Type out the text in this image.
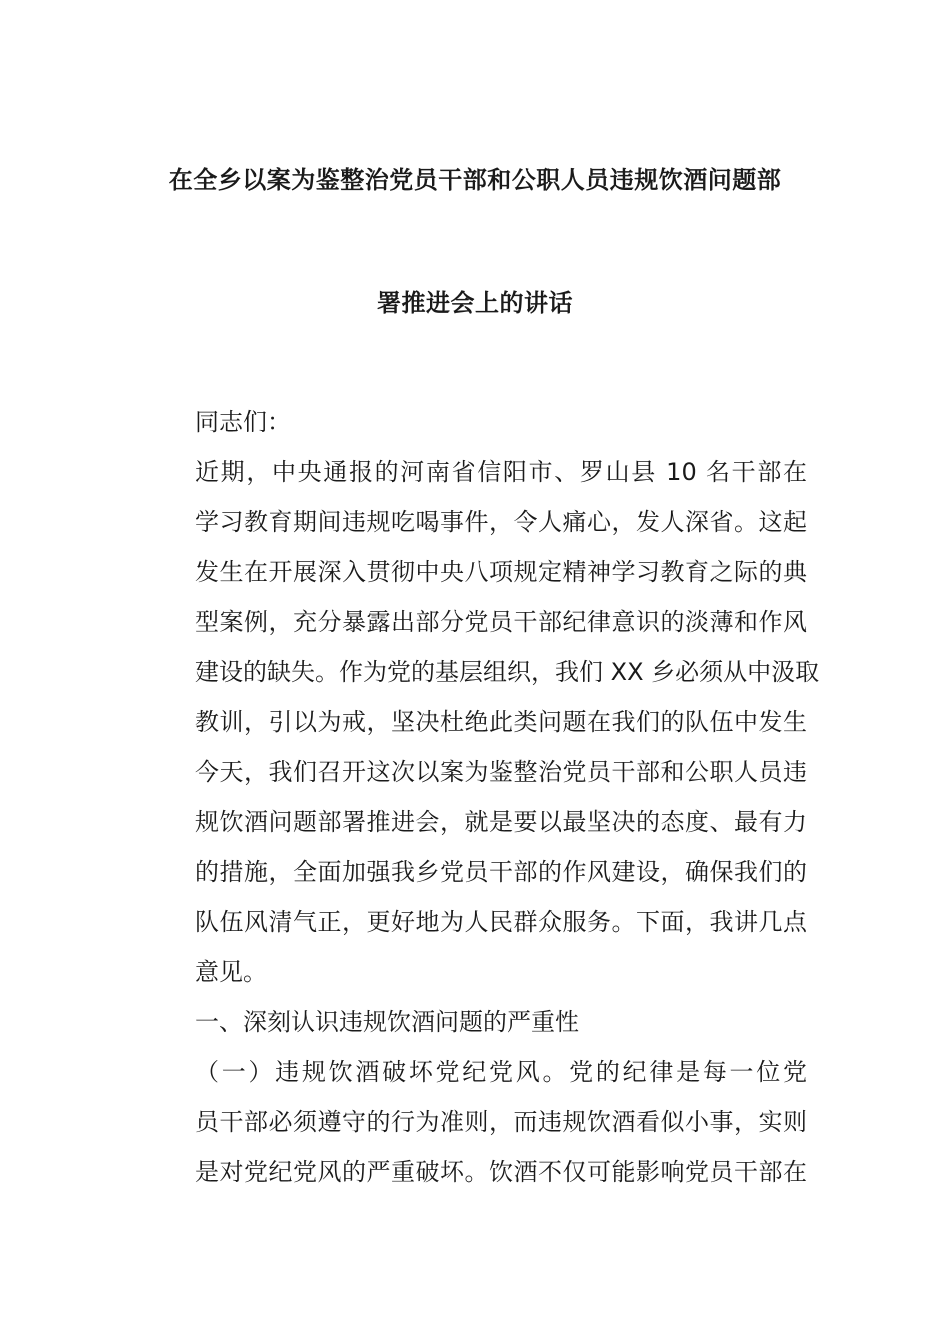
在全乡以案为鉴整治党员干部和公职人员违规饮酒问题部
署推进会上的讲话

同志们：

近期，中央通报的河南省信阳市、罗山县 10 名干部在
学习教育期间违规吃喝事件，令人痛心，发人深省。这起
发生在开展深入贯彻中央八项规定精神学习教育之际的典
型案例，充分暴露出部分党员干部纪律意识的淡薄和作风
建设的缺失。作为党的基层组织，我们 XX 乡必须从中汲取
教训，引以为戒，坚决杜绝此类问题在我们的队伍中发生
今天，我们召开这次以案为鉴整治党员干部和公职人员违
规饮酒问题部署推进会，就是要以最坚决的态度、最有力
的措施，全面加强我乡党员干部的作风建设，确保我们的
队伍风清气正，更好地为人民群众服务。下面，我讲几点
意见。

一、深刻认识违规饮酒问题的严重性

（一）违规饮酒破坏党纪党风。党的纪律是每一位党
员干部必须遵守的行为准则，而违规饮酒看似小事，实则
是对党纪党风的严重破坏。饮酒不仅可能影响党员干部在
